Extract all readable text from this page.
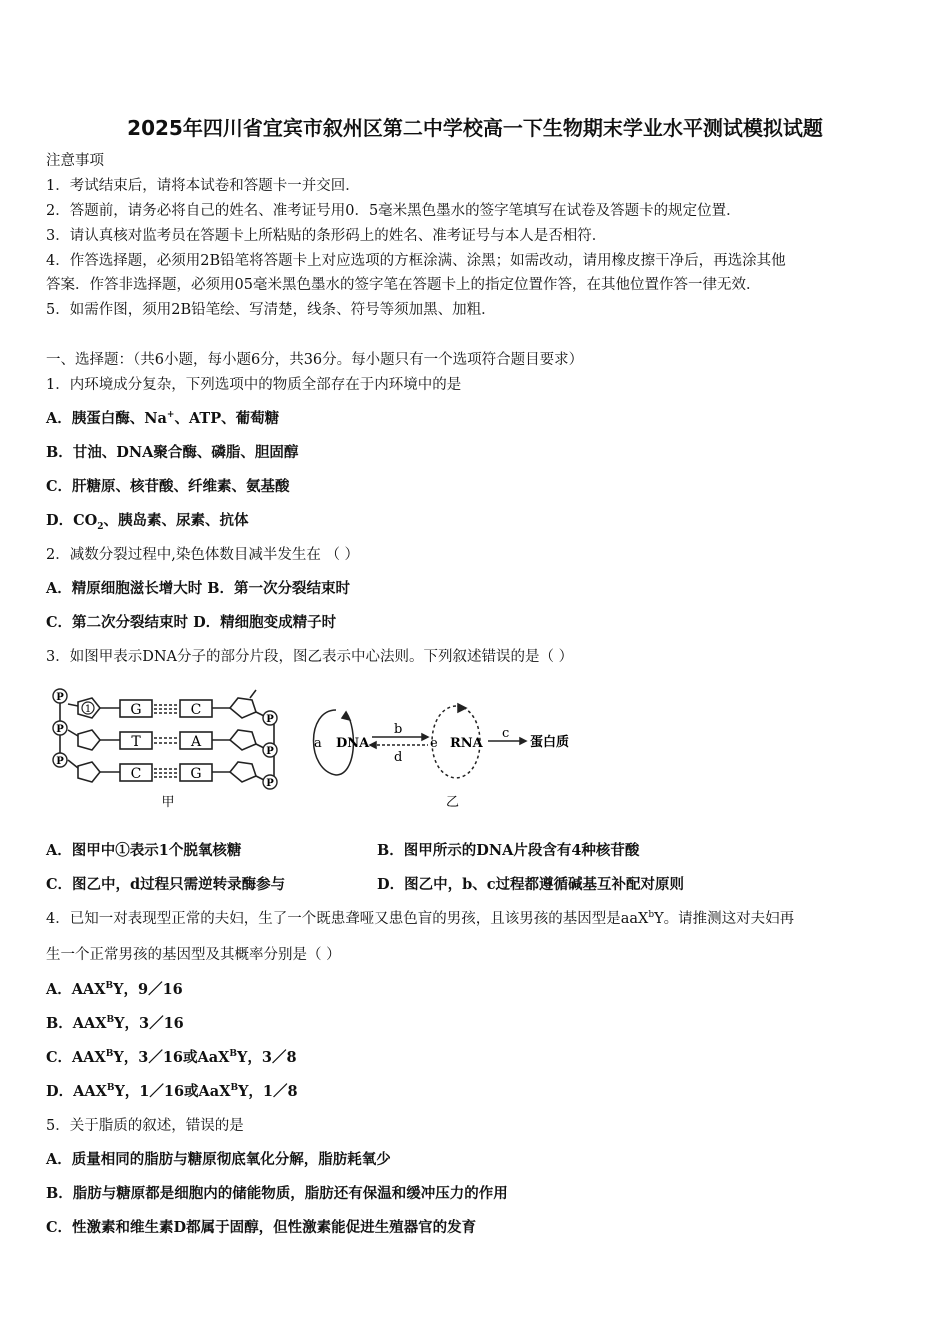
2025年四川省宜宾市叙州区第二中学校高一下生物期末学业水平测试模拟试题
注意事项
1．考试结束后，请将本试卷和答题卡一并交回．
2．答题前，请务必将自己的姓名、准考证号用0．5毫米黑色墨水的签字笔填写在试卷及答题卡的规定位置．
3．请认真核对监考员在答题卡上所粘贴的条形码上的姓名、准考证号与本人是否相符．
4．作答选择题，必须用2B铅笔将答题卡上对应选项的方框涂满、涂黑；如需改动，请用橡皮擦干净后，再选涂其他
答案．作答非选择题，必须用05毫米黑色墨水的签字笔在答题卡上的指定位置作答，在其他位置作答一律无效．
5．如需作图，须用2B铅笔绘、写清楚，线条、符号等须加黑、加粗．
一、选择题：（共6小题，每小题6分，共36分。每小题只有一个选项符合题目要求）
1．内环境成分复杂，下列选项中的物质全部存在于内环境中的是
A．胰蛋白酶、Na+、ATP、葡萄糖
B．甘油、DNA聚合酶、磷脂、胆固醇
C．肝糖原、核苷酸、纤维素、氨基酸
D．$CO_2$、胰岛素、尿素、抗体
2．减数分裂过程中,染色体数目减半发生在 （ ）
A．精原细胞滋长增大时 B．第一次分裂结束时
C．第二次分裂结束时 D．精细胞变成精子时
3．如图甲表示DNA分子的部分片段，图乙表示中心法则。下列叙述错误的是（ ）
P
P
P
P
P
P
1	G
T
C
C
A
G
甲
a DNA
b
d
e RNA
c
蛋白质
乙
A．图甲中①表示1个脱氧核糖	B．图甲所示的DNA片段含有4种核苷酸
C．图乙中，d过程只需逆转录酶参与	D．图乙中，b、c过程都遵循碱基互补配对原则
4．已知一对表现型正常的夫妇，生了一个既患聋哑又患色盲的男孩，且该男孩的基因型是aaX$^b$Y。请推测这对夫妇再
生一个正常男孩的基因型及其概率分别是（ ）
A．$AAX^BY$，9／16
B．$AAX^BY$，3／16
C．$AAX^BY$，3／16或AaX$^B$Y，3／8
D．$AAX^BY$，1／16或AaX$^B$Y，1／8
5．关于脂质的叙述，错误的是
A．质量相同的脂肪与糖原彻底氧化分解，脂肪耗氧少
B．脂肪与糖原都是细胞内的储能物质，脂肪还有保温和缓冲压力的作用
C．性激素和维生素D都属于固醇，但性激素能促进生殖器官的发育
